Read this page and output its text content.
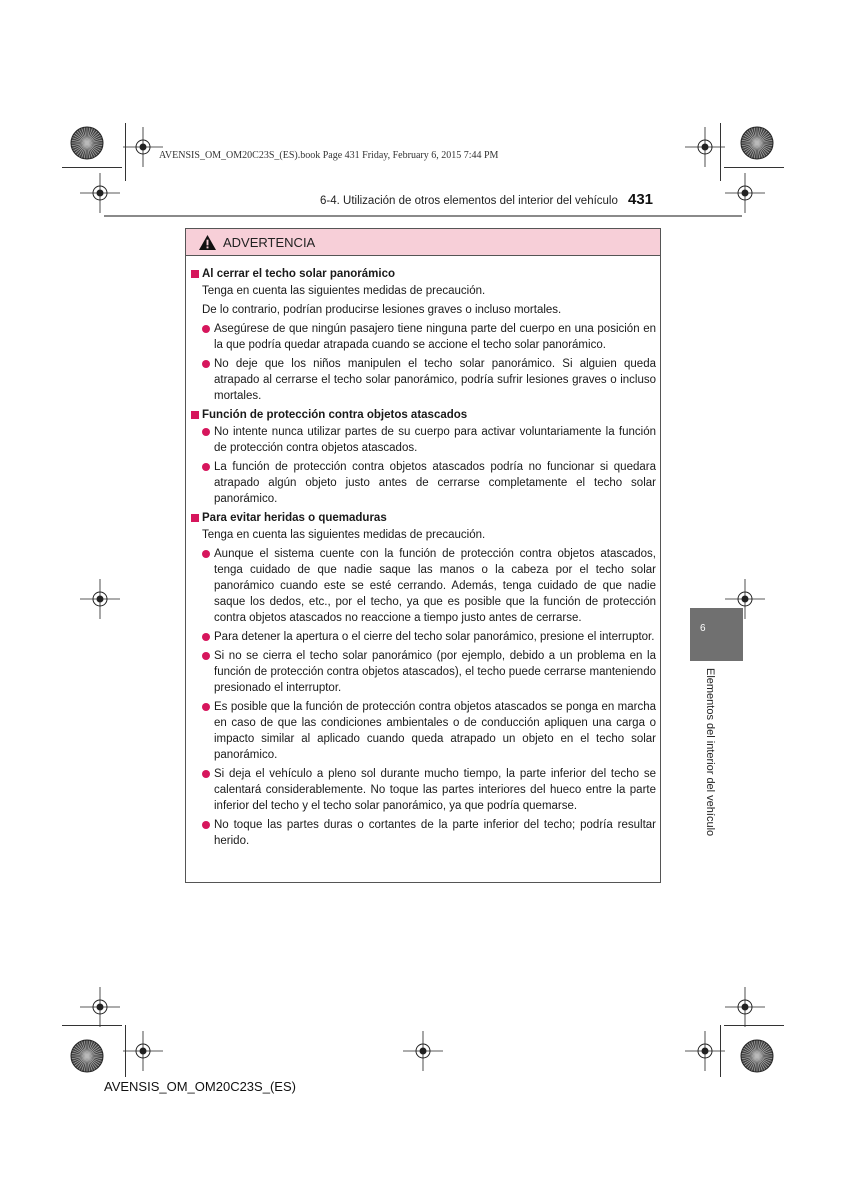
AVENSIS_OM_OM20C23S_(ES).book Page 431 Friday, February 6, 2015 7:44 PM
6-4. Utilización de otros elementos del interior del vehículo 431
ADVERTENCIA
Al cerrar el techo solar panorámico
Tenga en cuenta las siguientes medidas de precaución.
De lo contrario, podrían producirse lesiones graves o incluso mortales.
Asegúrese de que ningún pasajero tiene ninguna parte del cuerpo en una posición en la que podría quedar atrapada cuando se accione el techo solar panorámico.
No deje que los niños manipulen el techo solar panorámico. Si alguien queda atrapado al cerrarse el techo solar panorámico, podría sufrir lesiones graves o incluso mortales.
Función de protección contra objetos atascados
No intente nunca utilizar partes de su cuerpo para activar voluntariamente la función de protección contra objetos atascados.
La función de protección contra objetos atascados podría no funcionar si quedara atrapado algún objeto justo antes de cerrarse completamente el techo solar panorámico.
Para evitar heridas o quemaduras
Tenga en cuenta las siguientes medidas de precaución.
Aunque el sistema cuente con la función de protección contra objetos atascados, tenga cuidado de que nadie saque las manos o la cabeza por el techo solar panorámico cuando este se esté cerrando. Además, tenga cuidado de que nadie saque los dedos, etc., por el techo, ya que es posible que la función de protección contra objetos atascados no reaccione a tiempo justo antes de cerrarse.
Para detener la apertura o el cierre del techo solar panorámico, presione el interruptor.
Si no se cierra el techo solar panorámico (por ejemplo, debido a un problema en la función de protección contra objetos atascados), el techo puede cerrarse manteniendo presionado el interruptor.
Es posible que la función de protección contra objetos atascados se ponga en marcha en caso de que las condiciones ambientales o de conducción apliquen una carga o impacto similar al aplicado cuando queda atrapado un objeto en el techo solar panorámico.
Si deja el vehículo a pleno sol durante mucho tiempo, la parte inferior del techo se calentará considerablemente. No toque las partes interiores del hueco entre la parte inferior del techo y el techo solar panorámico, ya que podría quemarse.
No toque las partes duras o cortantes de la parte inferior del techo; podría resultar herido.
6
Elementos del interior del vehículo
AVENSIS_OM_OM20C23S_(ES)
